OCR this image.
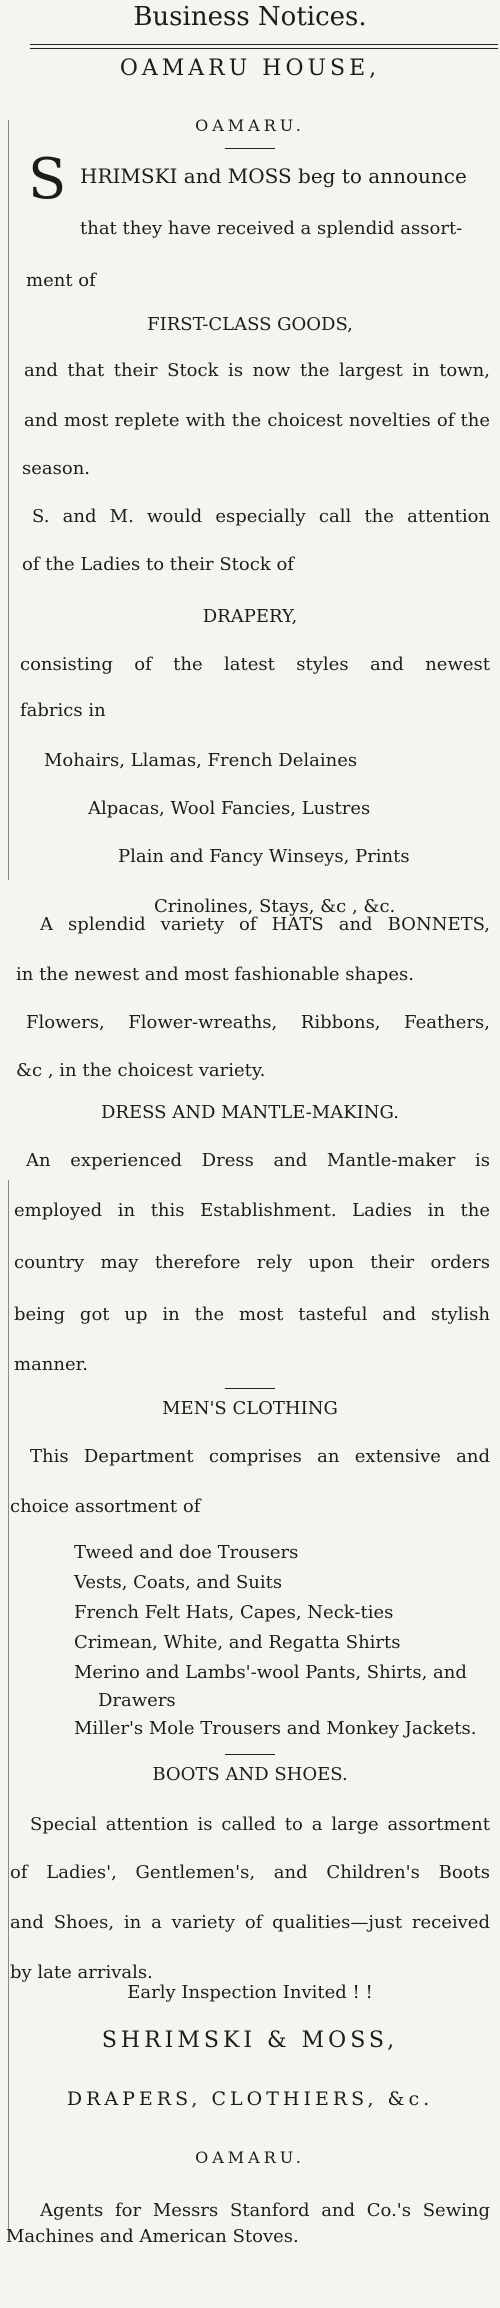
Business Notices.
OAMARU HOUSE,
OAMARU.
S HRIMSKI and MOSS beg to announce
that they have received a splendid assort-
ment of
FIRST-CLASS GOODS,
and that their Stock is now the largest in town,
and most replete with the choicest novelties of the
season.
S. and M. would especially call the attention
of the Ladies to their Stock of
DRAPERY,
consisting of the latest styles and newest
fabrics in
Mohairs, Llamas, French Delaines
Alpacas, Wool Fancies, Lustres
Plain and Fancy Winseys, Prints
Crinolines, Stays, &c , &c.
A splendid variety of HATS and BONNETS,
in the newest and most fashionable shapes.
Flowers, Flower-wreaths, Ribbons, Feathers,
&c , in the choicest variety.
DRESS AND MANTLE-MAKING.
An experienced Dress and Mantle-maker is
employed in this Establishment. Ladies in the
country may therefore rely upon their orders
being got up in the most tasteful and stylish
manner.
MEN'S CLOTHING
This Department comprises an extensive and
choice assortment of
Tweed and doe Trousers
Vests, Coats, and Suits
French Felt Hats, Capes, Neck-ties
Crimean, White, and Regatta Shirts
Merino and Lambs'-wool Pants, Shirts, and
Drawers
Miller's Mole Trousers and Monkey Jackets.
BOOTS AND SHOES.
Special attention is called to a large assortment
of Ladies', Gentlemen's, and Children's Boots
and Shoes, in a variety of qualities—just received
by late arrivals.
Early Inspection Invited ! !
SHRIMSKI & MOSS,
DRAPERS, CLOTHIERS, &c.
OAMARU.
Agents for Messrs Stanford and Co.'s Sewing
Machines and American Stoves.
